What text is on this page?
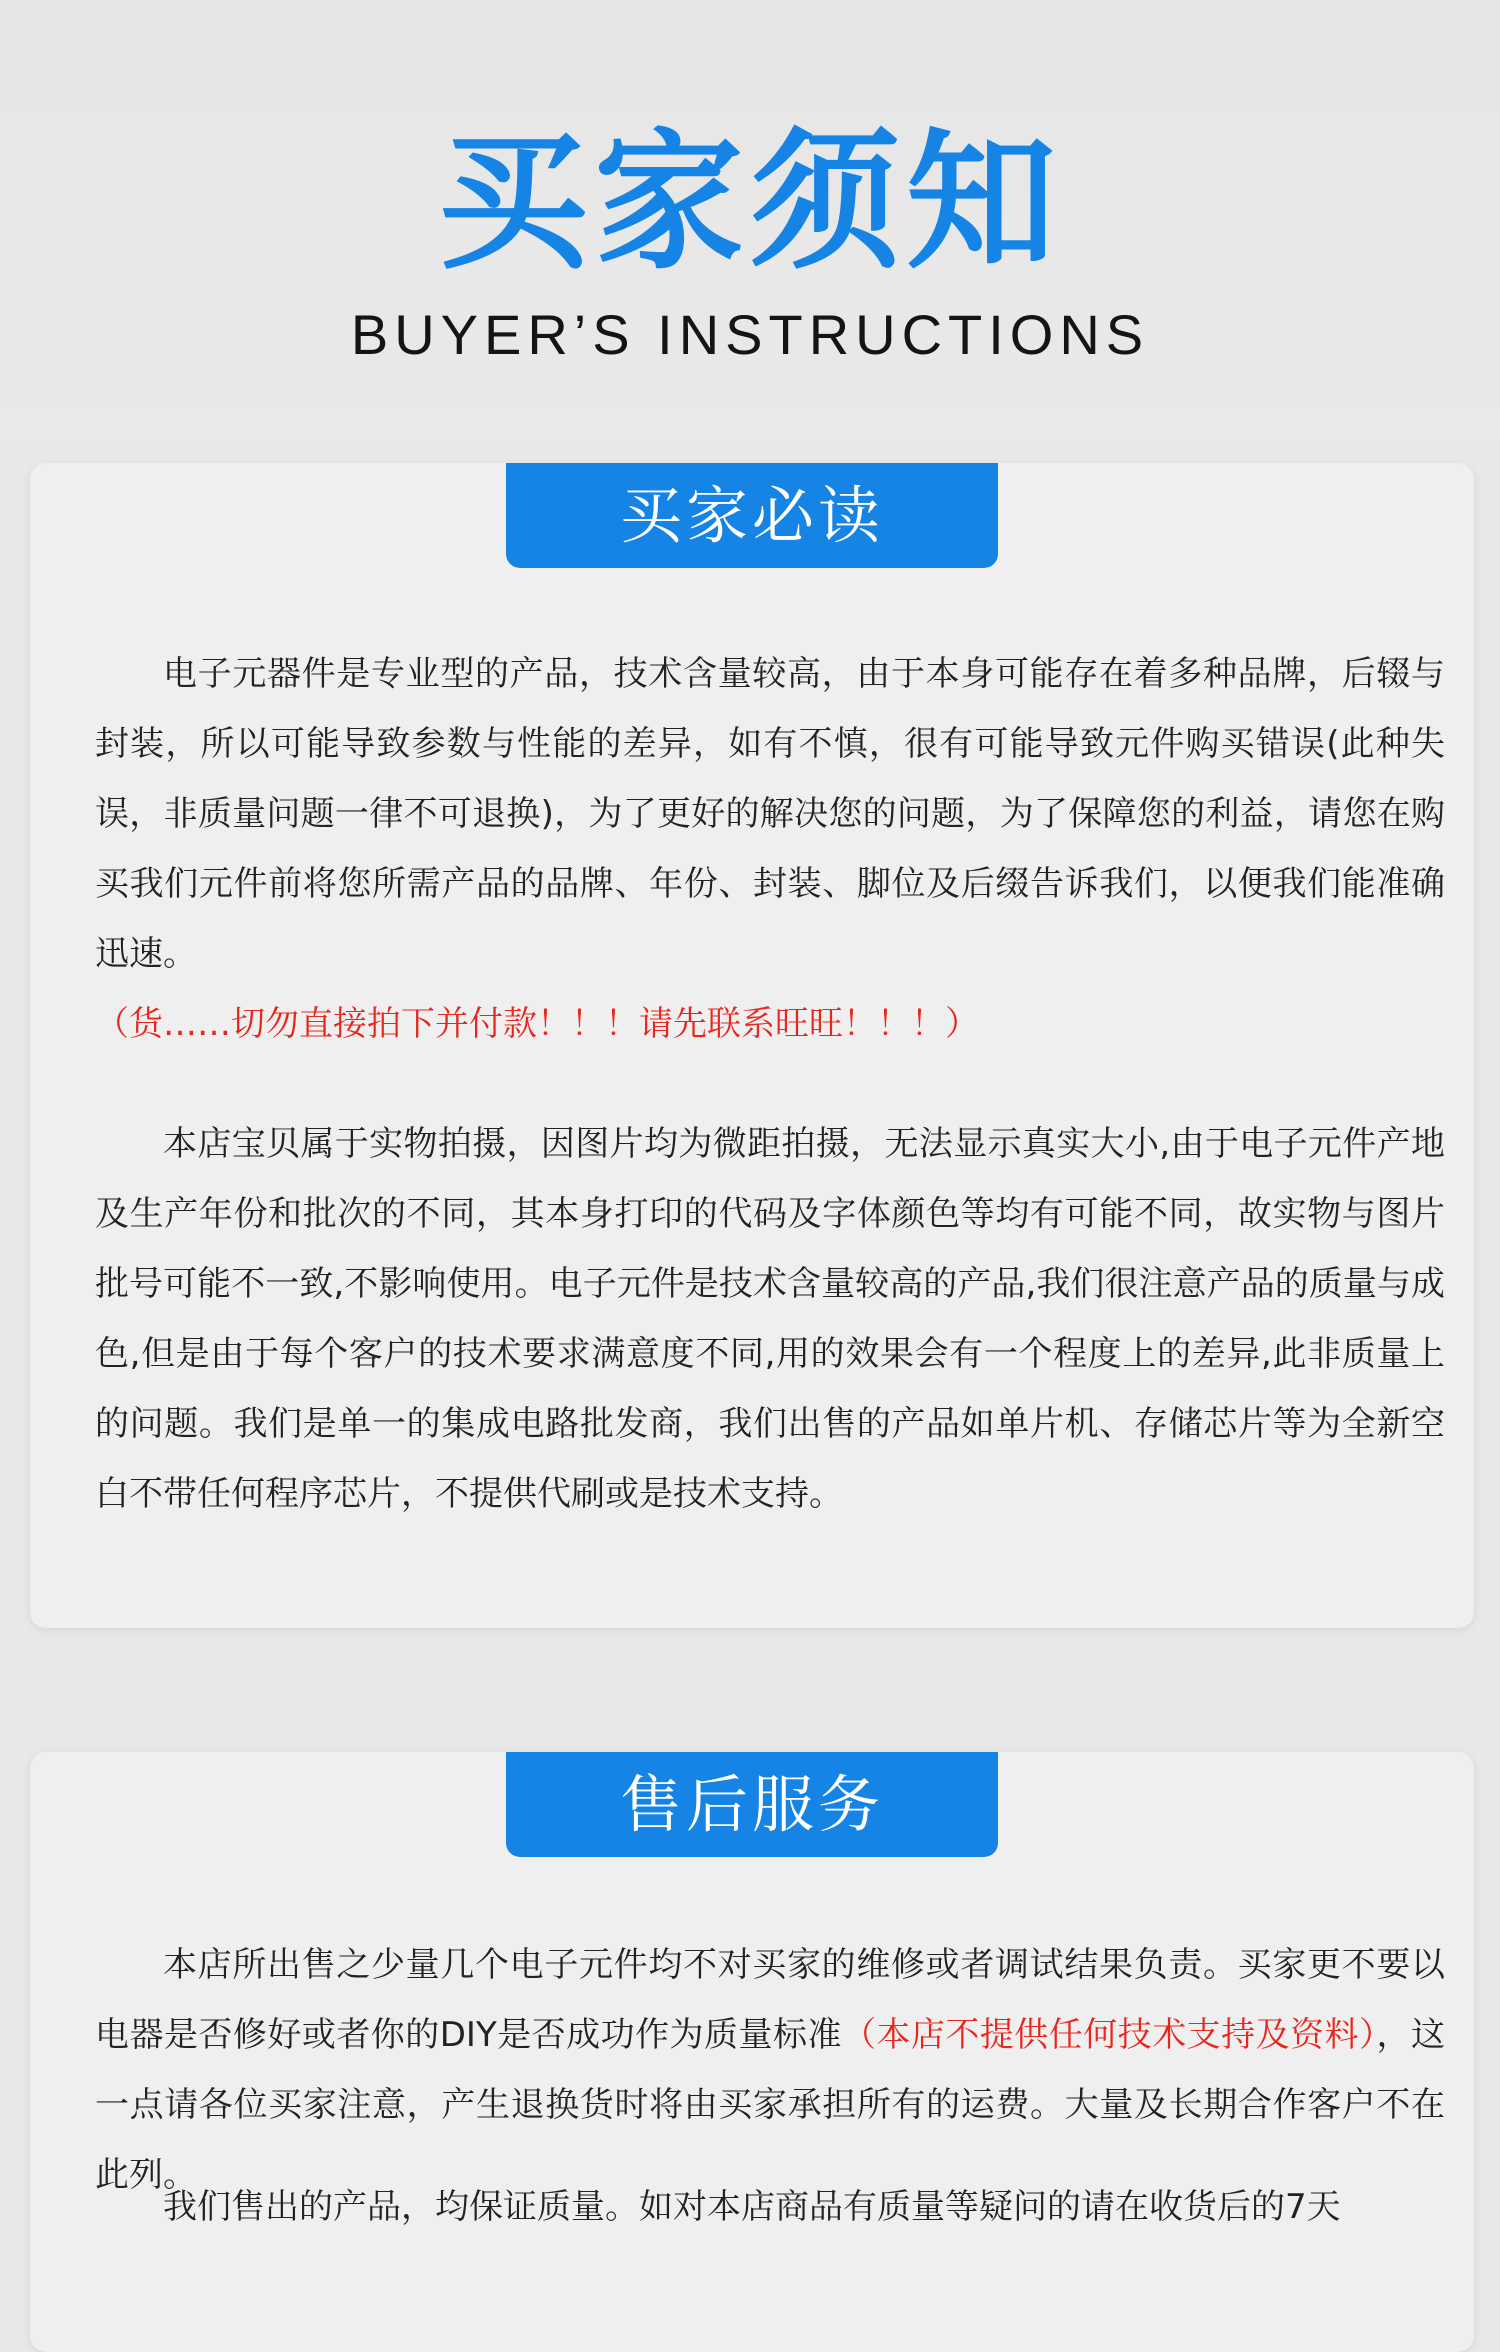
买家须知
BUYER’S INSTRUCTIONS
买家必读

电子元器件是专业型的产品，技术含量较高，由于本身可能存在着多种品牌，后辍与封装，所以可能导致参数与性能的差异，如有不慎，很有可能导致元件购买错误(此种失误，非质量问题一律不可退换)，为了更好的解决您的问题，为了保障您的利益，请您在购买我们元件前将您所需产品的品牌、年份、封装、脚位及后缀告诉我们，以便我们能准确迅速。

（货……切勿直接拍下并付款！！！请先联系旺旺！！！）

本店宝贝属于实物拍摄，因图片均为微距拍摄，无法显示真实大小,由于电子元件产地及生产年份和批次的不同，其本身打印的代码及字体颜色等均有可能不同，故实物与图片批号可能不一致,不影响使用。电子元件是技术含量较高的产品,我们很注意产品的质量与成色,但是由于每个客户的技术要求满意度不同,用的效果会有一个程度上的差异,此非质量上的问题。我们是单一的集成电路批发商，我们出售的产品如单片机、存储芯片等为全新空白不带任何程序芯片，不提供代刷或是技术支持。

售后服务

本店所出售之少量几个电子元件均不对买家的维修或者调试结果负责。买家更不要以电器是否修好或者你的DIY是否成功作为质量标准（本店不提供任何技术支持及资料），这一点请各位买家注意，产生退换货时将由买家承担所有的运费。大量及长期合作客户不在此列。

我们售出的产品，均保证质量。如对本店商品有质量等疑问的请在收货后的7天
